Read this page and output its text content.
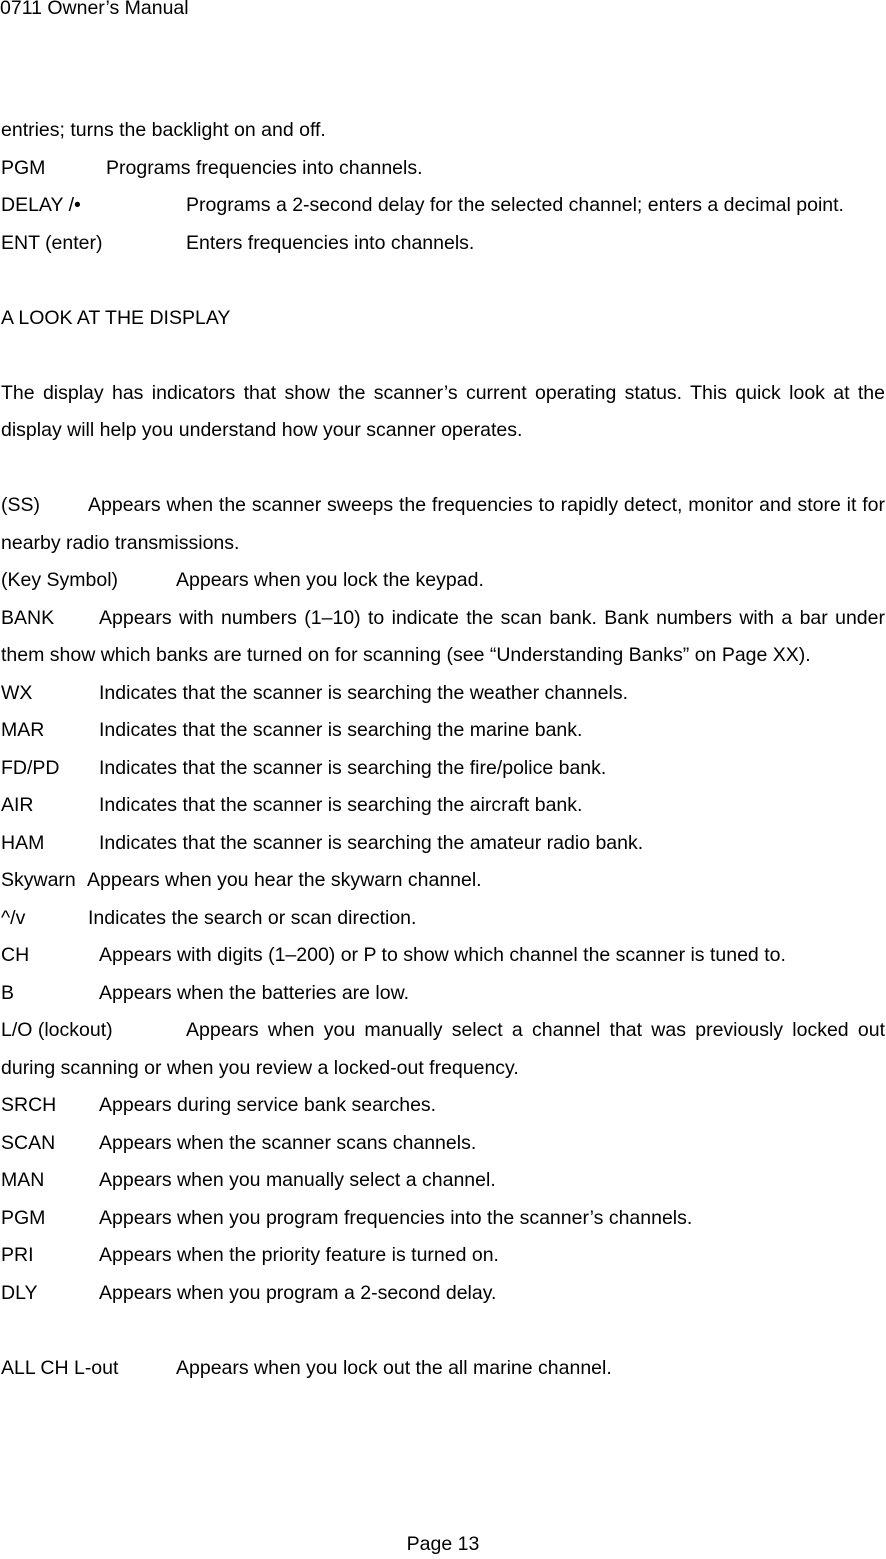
0711 Owner’s Manual
entries; turns the backlight on and off.
PGM	Programs frequencies into channels.
DELAY /•	Programs a 2-second delay for the selected channel; enters a decimal point.
ENT (enter)	Enters frequencies into channels.
A LOOK AT THE DISPLAY
The display has indicators that show the scanner’s current operating status. This quick look at the display will help you understand how your scanner operates.
(SS) Appears when the scanner sweeps the frequencies to rapidly detect, monitor and store it for nearby radio transmissions.
(Key Symbol)	Appears when you lock the keypad.
BANK Appears with numbers (1–10) to indicate the scan bank. Bank numbers with a bar under them show which banks are turned on for scanning (see “Understanding Banks” on Page XX).
WX	Indicates that the scanner is searching the weather channels.
MAR	Indicates that the scanner is searching the marine bank.
FD/PD	Indicates that the scanner is searching the fire/police bank.
AIR	Indicates that the scanner is searching the aircraft bank.
HAM	Indicates that the scanner is searching the amateur radio bank.
Skywarn Appears when you hear the skywarn channel.
^/v	Indicates the search or scan direction.
CH	Appears with digits (1–200) or P to show which channel the scanner is tuned to.
B	Appears when the batteries are low.
L/O (lockout)	Appears when you manually select a channel that was previously locked out during scanning or when you review a locked-out frequency.
SRCH	Appears during service bank searches.
SCAN	Appears when the scanner scans channels.
MAN	Appears when you manually select a channel.
PGM	Appears when you program frequencies into the scanner’s channels.
PRI	Appears when the priority feature is turned on.
DLY	Appears when you program a 2-second delay.
ALL CH L-out	Appears when you lock out the all marine channel.
Page 13
